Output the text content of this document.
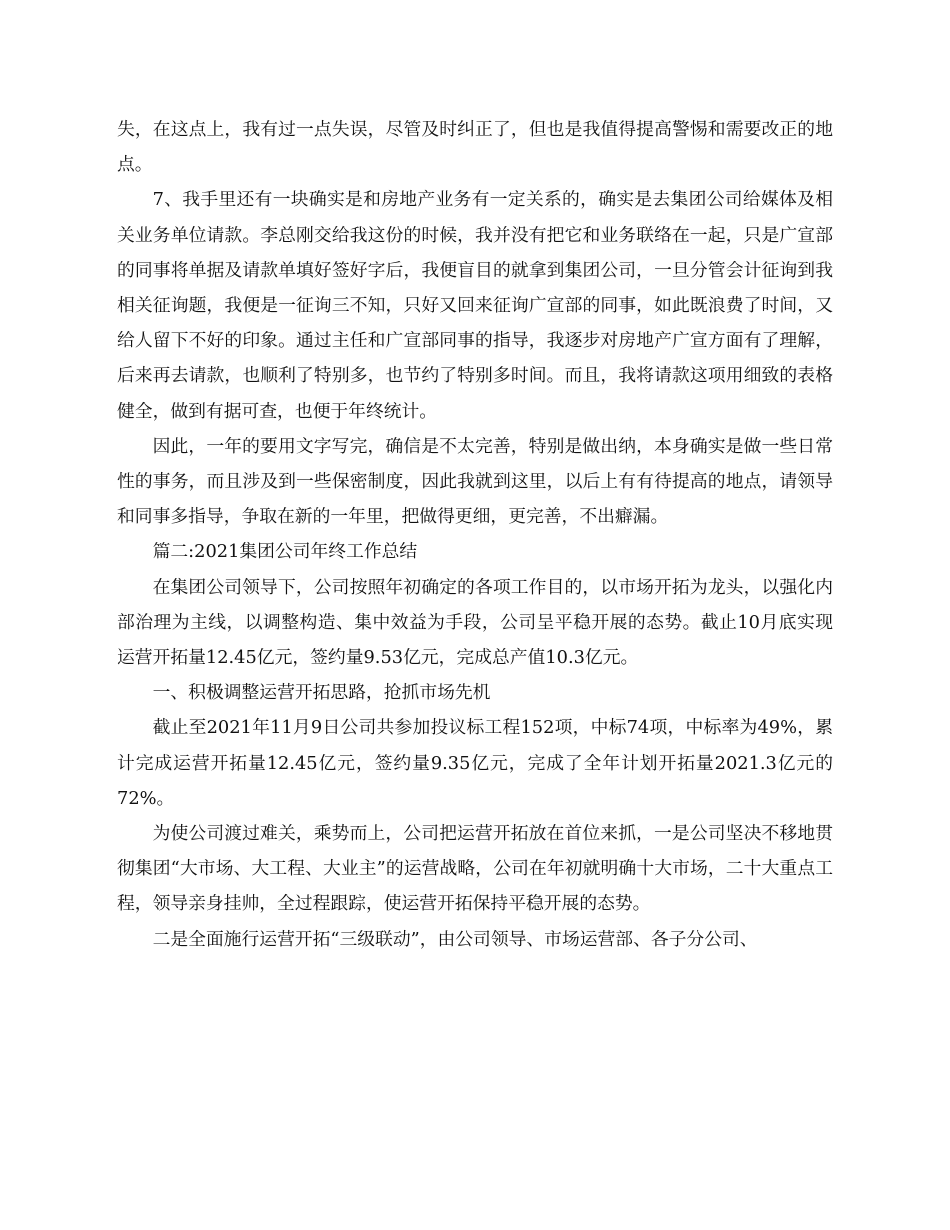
失，在这点上，我有过一点失误，尽管及时纠正了，但也是我值得提高警惕和需要改正的地点。

7、我手里还有一块确实是和房地产业务有一定关系的，确实是去集团公司给媒体及相关业务单位请款。李总刚交给我这份的时候，我并没有把它和业务联络在一起，只是广宣部的同事将单据及请款单填好签好字后，我便盲目的就拿到集团公司，一旦分管会计征询到我相关征询题，我便是一征询三不知，只好又回来征询广宣部的同事，如此既浪费了时间，又给人留下不好的印象。通过主任和广宣部同事的指导，我逐步对房地产广宣方面有了理解，后来再去请款，也顺利了特别多，也节约了特别多时间。而且，我将请款这项用细致的表格健全，做到有据可查，也便于年终统计。

因此，一年的要用文字写完，确信是不太完善，特别是做出纳，本身确实是做一些日常性的事务，而且涉及到一些保密制度，因此我就到这里，以后上有有待提高的地点，请领导和同事多指导，争取在新的一年里，把做得更细，更完善，不出癖漏。

篇二:2021集团公司年终工作总结

在集团公司领导下，公司按照年初确定的各项工作目的，以市场开拓为龙头，以强化内部治理为主线，以调整构造、集中效益为手段，公司呈平稳开展的态势。截止10月底实现运营开拓量12.45亿元，签约量9.53亿元，完成总产值10.3亿元。

一、积极调整运营开拓思路，抢抓市场先机

截止至2021年11月9日公司共参加投议标工程152项，中标74项，中标率为49%，累计完成运营开拓量12.45亿元，签约量9.35亿元，完成了全年计划开拓量2021.3亿元的72%。

为使公司渡过难关，乘势而上，公司把运营开拓放在首位来抓，一是公司坚决不移地贯彻集团“大市场、大工程、大业主”的运营战略，公司在年初就明确十大市场，二十大重点工程，领导亲身挂帅，全过程跟踪，使运营开拓保持平稳开展的态势。

二是全面施行运营开拓“三级联动”，由公司领导、市场运营部、各子分公司、
